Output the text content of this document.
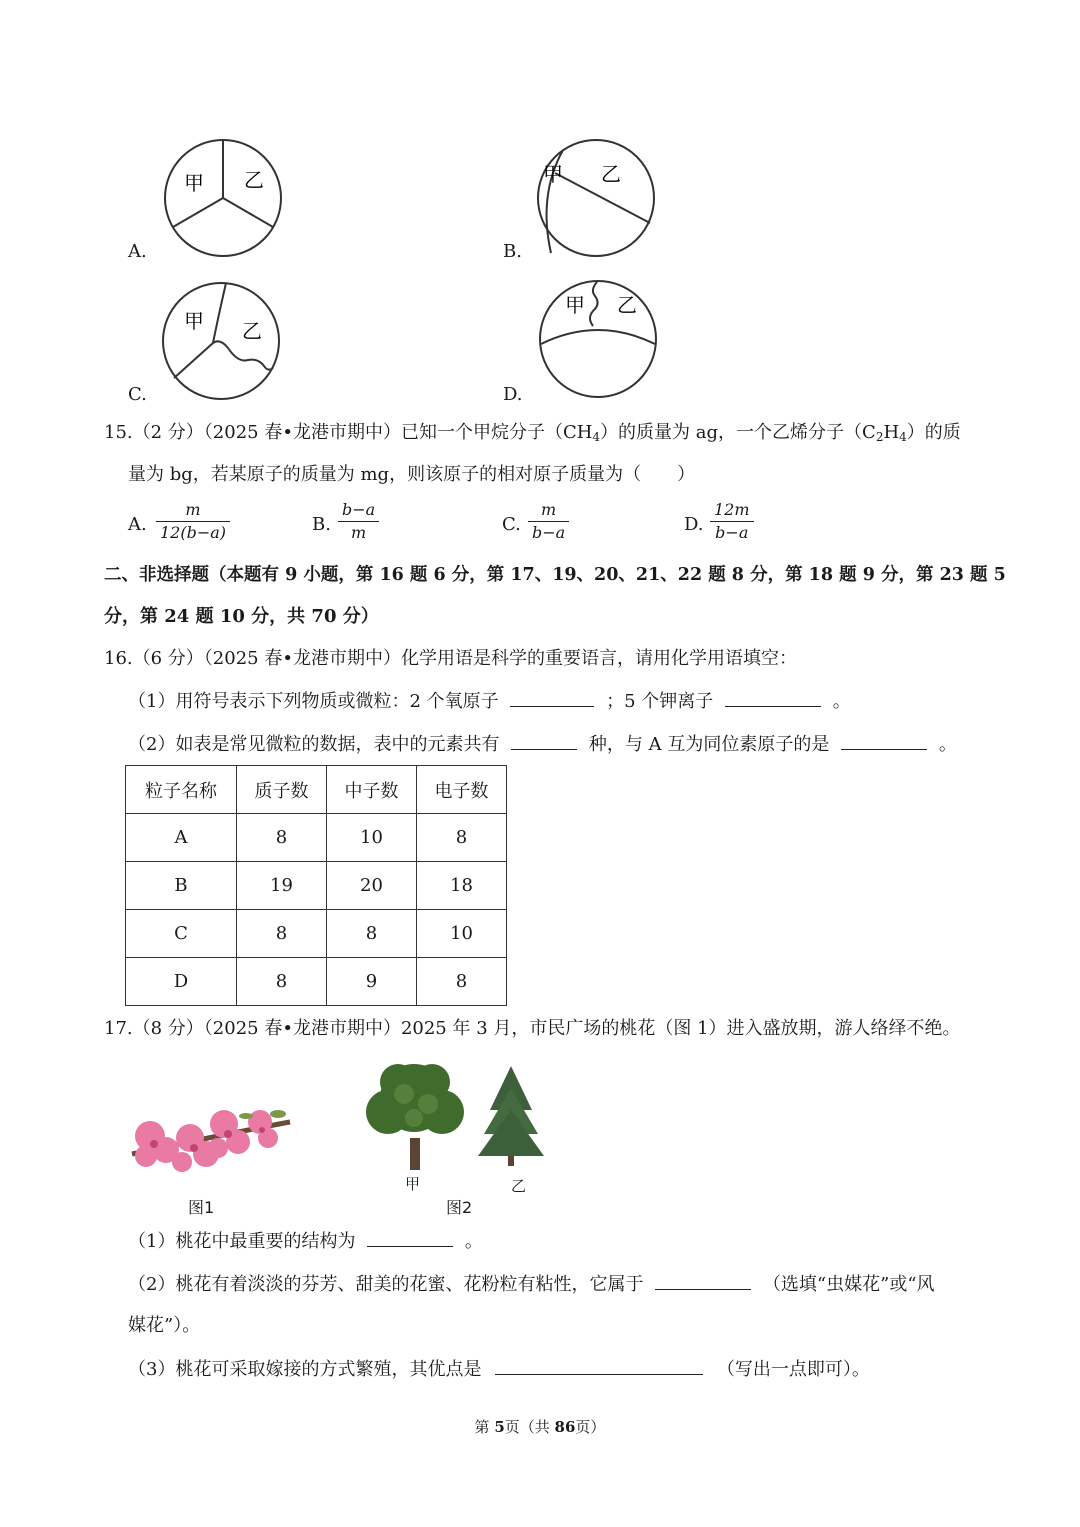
A.
甲 乙
B.
甲 乙
C.
甲 乙
D.
甲 乙
15.（2 分）（2025 春•龙港市期中）已知一个甲烷分子$(CH_4)$的质量为 ag，一个乙烯分子$(C_2H_4)$的质
量为 bg，若某原子的质量为 mg，则该原子的相对原子质量为（　　）
A.
m
12(b−a)	B.
b−a
m	C.
m
b−a	D.
12m
b−a
二、非选择题（本题有 9 小题，第 16 题 6 分，第 17、19、20、21、22 题 8 分，第 18 题 9 分，第 23 题 5
分，第 24 题 10 分，共 70 分）
16.（6 分）（2025 春•龙港市期中）化学用语是科学的重要语言，请用化学用语填空：
（1）用符号表示下列物质或微粒：2 个氧原子	；5 个钾离子	。
（2）如表是常见微粒的数据，表中的元素共有	种，与 A 互为同位素原子的是	。
粒子名称	质子数	中子数	电子数
A	8	10	8
B	19	20	18
C	8	8	10
D	8	9	8
17.（8 分）（2025 春•龙港市期中）2025 年 3 月，市民广场的桃花（图 1）进入盛放期，游人络绎不绝。
图1
甲	乙
图2
（1）桃花中最重要的结构为	。
（2）桃花有着淡淡的芬芳、甜美的花蜜、花粉粒有粘性，它属于	（选填“虫媒花”或“风
媒花”）。
（3）桃花可采取嫁接的方式繁殖，其优点是	（写出一点即可）。
第 5页（共 86页）
